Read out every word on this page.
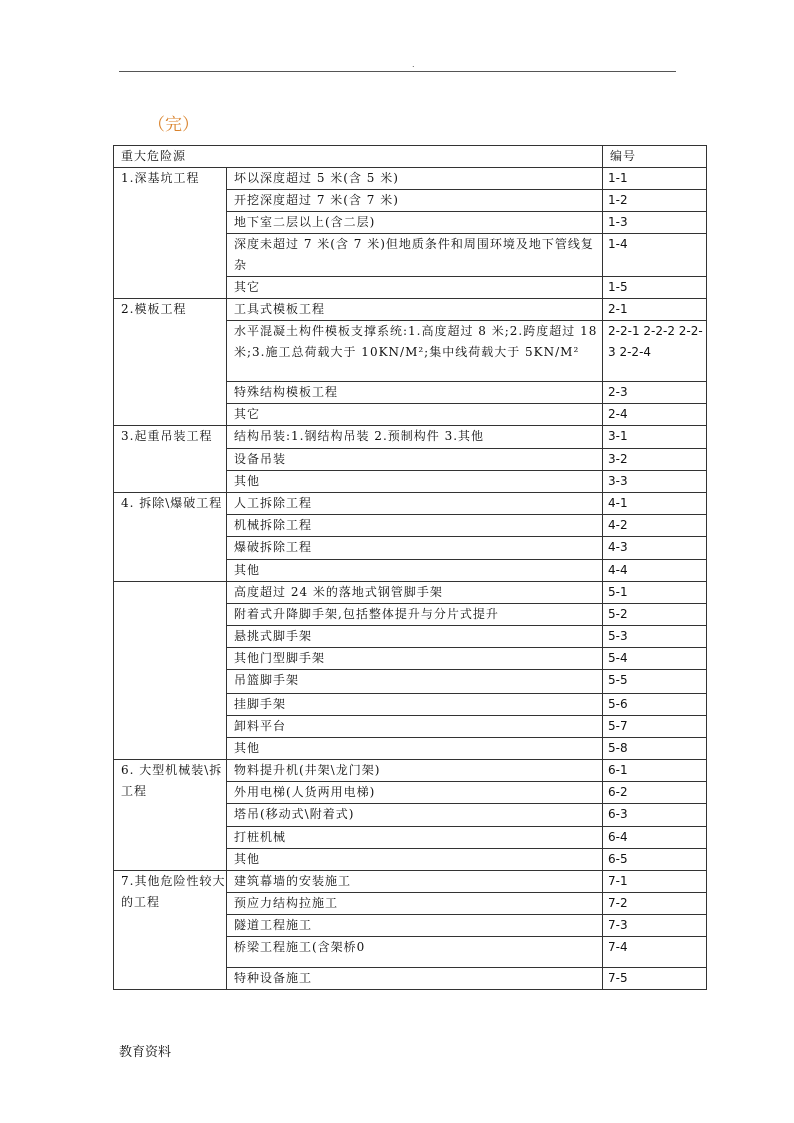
.
（完）
重大危险源		编号
1.深基坑工程	坏以深度超过 5 米(含 5 米)	1-1
	开挖深度超过 7 米(含 7 米)	1-2
	地下室二层以上(含二层)	1-3
	深度未超过 7 米(含 7 米)但地质条件和周围环境及地下管线复杂	1-4
	其它	1-5
2.模板工程	工具式模板工程	2-1
	水平混凝土构件模板支撑系统:1.高度超过 8 米;2.跨度超过 18 米;3.施工总荷载大于 10KN/M²;集中线荷载大于 5KN/M²	2-2-1 2-2-2 2-2-3 2-2-4
	特殊结构模板工程	2-3
	其它	2-4
3.起重吊装工程	结构吊装:1.钢结构吊装 2.预制构件 3.其他	3-1
	设备吊装	3-2
	其他	3-3
4. 拆除\爆破工程	人工拆除工程	4-1
	机械拆除工程	4-2
	爆破拆除工程	4-3
	其他	4-4
	高度超过 24 米的落地式钢管脚手架	5-1
	附着式升降脚手架,包括整体提升与分片式提升	5-2
	悬挑式脚手架	5-3
	其他门型脚手架	5-4
	吊篮脚手架	5-5
	挂脚手架	5-6
	卸料平台	5-7
	其他	5-8
6. 大型机械装\拆工程	物料提升机(井架\龙门架)	6-1
	外用电梯(人货两用电梯)	6-2
	塔吊(移动式\附着式)	6-3
	打桩机械	6-4
	其他	6-5
7.其他危险性较大的工程	建筑幕墙的安装施工	7-1
	预应力结构拉施工	7-2
	隧道工程施工	7-3
	桥梁工程施工(含架桥0	7-4
	特种设备施工	7-5
教育资料
